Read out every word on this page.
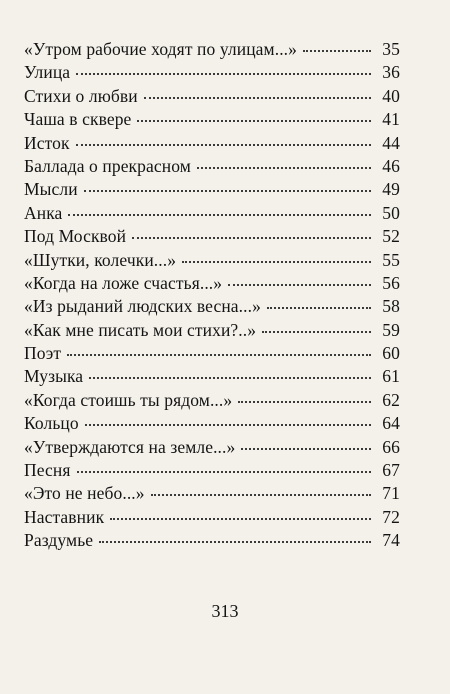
«Утром рабочие ходят по улицам...»	35
Улица	36
Стихи о любви	40
Чаша в сквере	41
Исток	44
Баллада о прекрасном	46
Мысли	49
Анка	50
Под Москвой	52
«Шутки, колечки...»	55
«Когда на ложе счастья...»	56
«Из рыданий людских весна...»	58
«Как мне писать мои стихи?..»	59
Поэт	60
Музыка	61
«Когда стоишь ты рядом...»	62
Кольцо	64
«Утверждаются на земле...»	66
Песня	67
«Это не небо...»	71
Наставник	72
Раздумье	74
313
